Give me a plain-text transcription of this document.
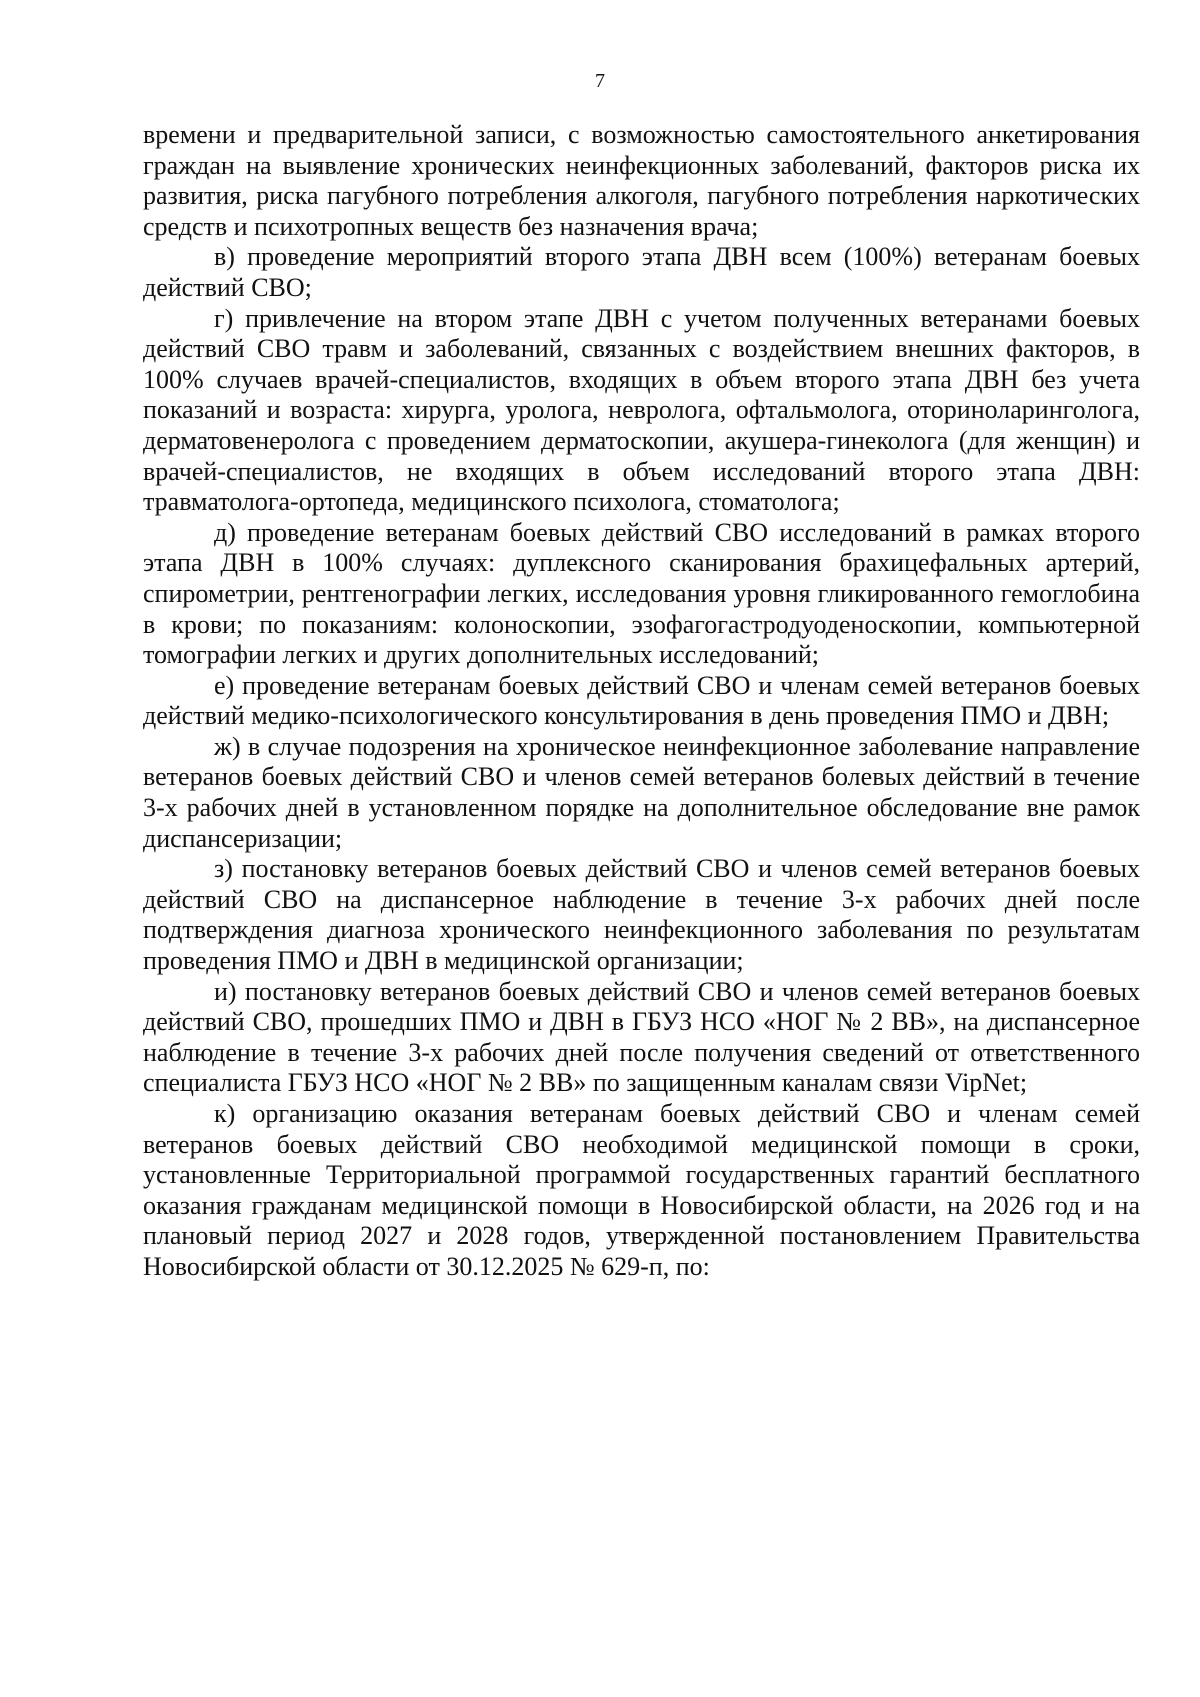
7

времени и предварительной записи, с возможностью самостоятельного анкетирования граждан на выявление хронических неинфекционных заболеваний, факторов риска их развития, риска пагубного потребления алкоголя, пагубного потребления наркотических средств и психотропных веществ без назначения врача;

в) проведение мероприятий второго этапа ДВН всем (100%) ветеранам боевых действий СВО;

г) привлечение на втором этапе ДВН с учетом полученных ветеранами боевых действий СВО травм и заболеваний, связанных с воздействием внешних факторов, в 100% случаев врачей-специалистов, входящих в объем второго этапа ДВН без учета показаний и возраста: хирурга, уролога, невролога, офтальмолога, оториноларинголога, дерматовенеролога с проведением дерматоскопии, акушера-гинеколога (для женщин) и врачей-специалистов, не входящих в объем исследований второго этапа ДВН: травматолога-ортопеда, медицинского психолога, стоматолога;

д) проведение ветеранам боевых действий СВО исследований в рамках второго этапа ДВН в 100% случаях: дуплексного сканирования брахицефальных артерий, спирометрии, рентгенографии легких, исследования уровня гликированного гемоглобина в крови; по показаниям: колоноскопии, эзофагогастродуоденоскопии, компьютерной томографии легких и других дополнительных исследований;

е) проведение ветеранам боевых действий СВО и членам семей ветеранов боевых действий медико-психологического консультирования в день проведения ПМО и ДВН;

ж) в случае подозрения на хроническое неинфекционное заболевание направление ветеранов боевых действий СВО и членов семей ветеранов болевых действий в течение 3-х рабочих дней в установленном порядке на дополнительное обследование вне рамок диспансеризации;

з) постановку ветеранов боевых действий СВО и членов семей ветеранов боевых действий СВО на диспансерное наблюдение в течение 3-х рабочих дней после подтверждения диагноза хронического неинфекционного заболевания по результатам проведения ПМО и ДВН в медицинской организации;

и) постановку ветеранов боевых действий СВО и членов семей ветеранов боевых действий СВО, прошедших ПМО и ДВН в ГБУЗ НСО «НОГ № 2 ВВ», на диспансерное наблюдение в течение 3-х рабочих дней после получения сведений от ответственного специалиста ГБУЗ НСО «НОГ № 2 ВВ» по защищенным каналам связи VipNet;

к) организацию оказания ветеранам боевых действий СВО и членам семей ветеранов боевых действий СВО необходимой медицинской помощи в сроки, установленные Территориальной программой государственных гарантий бесплатного оказания гражданам медицинской помощи в Новосибирской области, на 2026 год и на плановый период 2027 и 2028 годов, утвержденной постановлением Правительства Новосибирской области от 30.12.2025 № 629-п, по:
